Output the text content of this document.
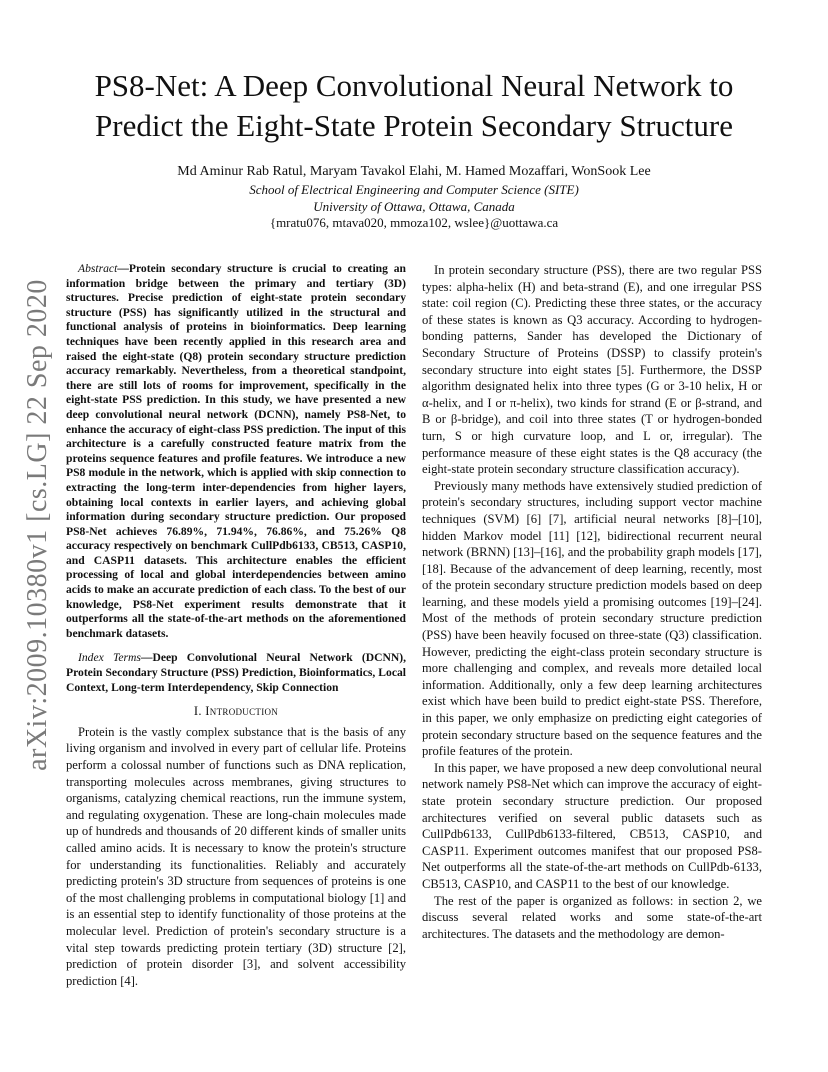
arXiv:2009.10380v1 [cs.LG] 22 Sep 2020
PS8-Net: A Deep Convolutional Neural Network to Predict the Eight-State Protein Secondary Structure
Md Aminur Rab Ratul, Maryam Tavakol Elahi, M. Hamed Mozaffari, WonSook Lee
School of Electrical Engineering and Computer Science (SITE)
University of Ottawa, Ottawa, Canada
{mratu076, mtava020, mmoza102, wslee}@uottawa.ca

Abstract—Protein secondary structure is crucial to creating an information bridge between the primary and tertiary (3D) structures. Precise prediction of eight-state protein secondary structure (PSS) has significantly utilized in the structural and functional analysis of proteins in bioinformatics. Deep learning techniques have been recently applied in this research area and raised the eight-state (Q8) protein secondary structure prediction accuracy remarkably. Nevertheless, from a theoretical standpoint, there are still lots of rooms for improvement, specifically in the eight-state PSS prediction. In this study, we have presented a new deep convolutional neural network (DCNN), namely PS8-Net, to enhance the accuracy of eight-class PSS prediction. The input of this architecture is a carefully constructed feature matrix from the proteins sequence features and profile features. We introduce a new PS8 module in the network, which is applied with skip connection to extracting the long-term inter-dependencies from higher layers, obtaining local contexts in earlier layers, and achieving global information during secondary structure prediction. Our proposed PS8-Net achieves 76.89%, 71.94%, 76.86%, and 75.26% Q8 accuracy respectively on benchmark CullPdb6133, CB513, CASP10, and CASP11 datasets. This architecture enables the efficient processing of local and global interdependencies between amino acids to make an accurate prediction of each class. To the best of our knowledge, PS8-Net experiment results demonstrate that it outperforms all the state-of-the-art methods on the aforementioned benchmark datasets.

Index Terms—Deep Convolutional Neural Network (DCNN), Protein Secondary Structure (PSS) Prediction, Bioinformatics, Local Context, Long-term Interdependency, Skip Connection

I. Introduction

Protein is the vastly complex substance that is the basis of any living organism and involved in every part of cellular life. Proteins perform a colossal number of functions such as DNA replication, transporting molecules across membranes, giving structures to organisms, catalyzing chemical reactions, run the immune system, and regulating oxygenation. These are long-chain molecules made up of hundreds and thousands of 20 different kinds of smaller units called amino acids. It is necessary to know the protein's structure for understanding its functionalities. Reliably and accurately predicting protein's 3D structure from sequences of proteins is one of the most challenging problems in computational biology [1] and is an essential step to identify functionality of those proteins at the molecular level. Prediction of protein's secondary structure is a vital step towards predicting protein tertiary (3D) structure [2], prediction of protein disorder [3], and solvent accessibility prediction [4].

In protein secondary structure (PSS), there are two regular PSS types: alpha-helix (H) and beta-strand (E), and one irregular PSS state: coil region (C). Predicting these three states, or the accuracy of these states is known as Q3 accuracy. According to hydrogen-bonding patterns, Sander has developed the Dictionary of Secondary Structure of Proteins (DSSP) to classify protein's secondary structure into eight states [5]. Furthermore, the DSSP algorithm designated helix into three types (G or 3-10 helix, H or α-helix, and I or π-helix), two kinds for strand (E or β-strand, and B or β-bridge), and coil into three states (T or hydrogen-bonded turn, S or high curvature loop, and L or, irregular). The performance measure of these eight states is the Q8 accuracy (the eight-state protein secondary structure classification accuracy).

Previously many methods have extensively studied prediction of protein's secondary structures, including support vector machine techniques (SVM) [6] [7], artificial neural networks [8]–[10], hidden Markov model [11] [12], bidirectional recurrent neural network (BRNN) [13]–[16], and the probability graph models [17], [18]. Because of the advancement of deep learning, recently, most of the protein secondary structure prediction models based on deep learning, and these models yield a promising outcomes [19]–[24]. Most of the methods of protein secondary structure prediction (PSS) have been heavily focused on three-state (Q3) classification. However, predicting the eight-class protein secondary structure is more challenging and complex, and reveals more detailed local information. Additionally, only a few deep learning architectures exist which have been build to predict eight-state PSS. Therefore, in this paper, we only emphasize on predicting eight categories of protein secondary structure based on the sequence features and the profile features of the protein.

In this paper, we have proposed a new deep convolutional neural network namely PS8-Net which can improve the accuracy of eight-state protein secondary structure prediction. Our proposed architectures verified on several public datasets such as CullPdb6133, CullPdb6133-filtered, CB513, CASP10, and CASP11. Experiment outcomes manifest that our proposed PS8-Net outperforms all the state-of-the-art methods on CullPdb-6133, CB513, CASP10, and CASP11 to the best of our knowledge.

The rest of the paper is organized as follows: in section 2, we discuss several related works and some state-of-the-art architectures. The datasets and the methodology are demon-
